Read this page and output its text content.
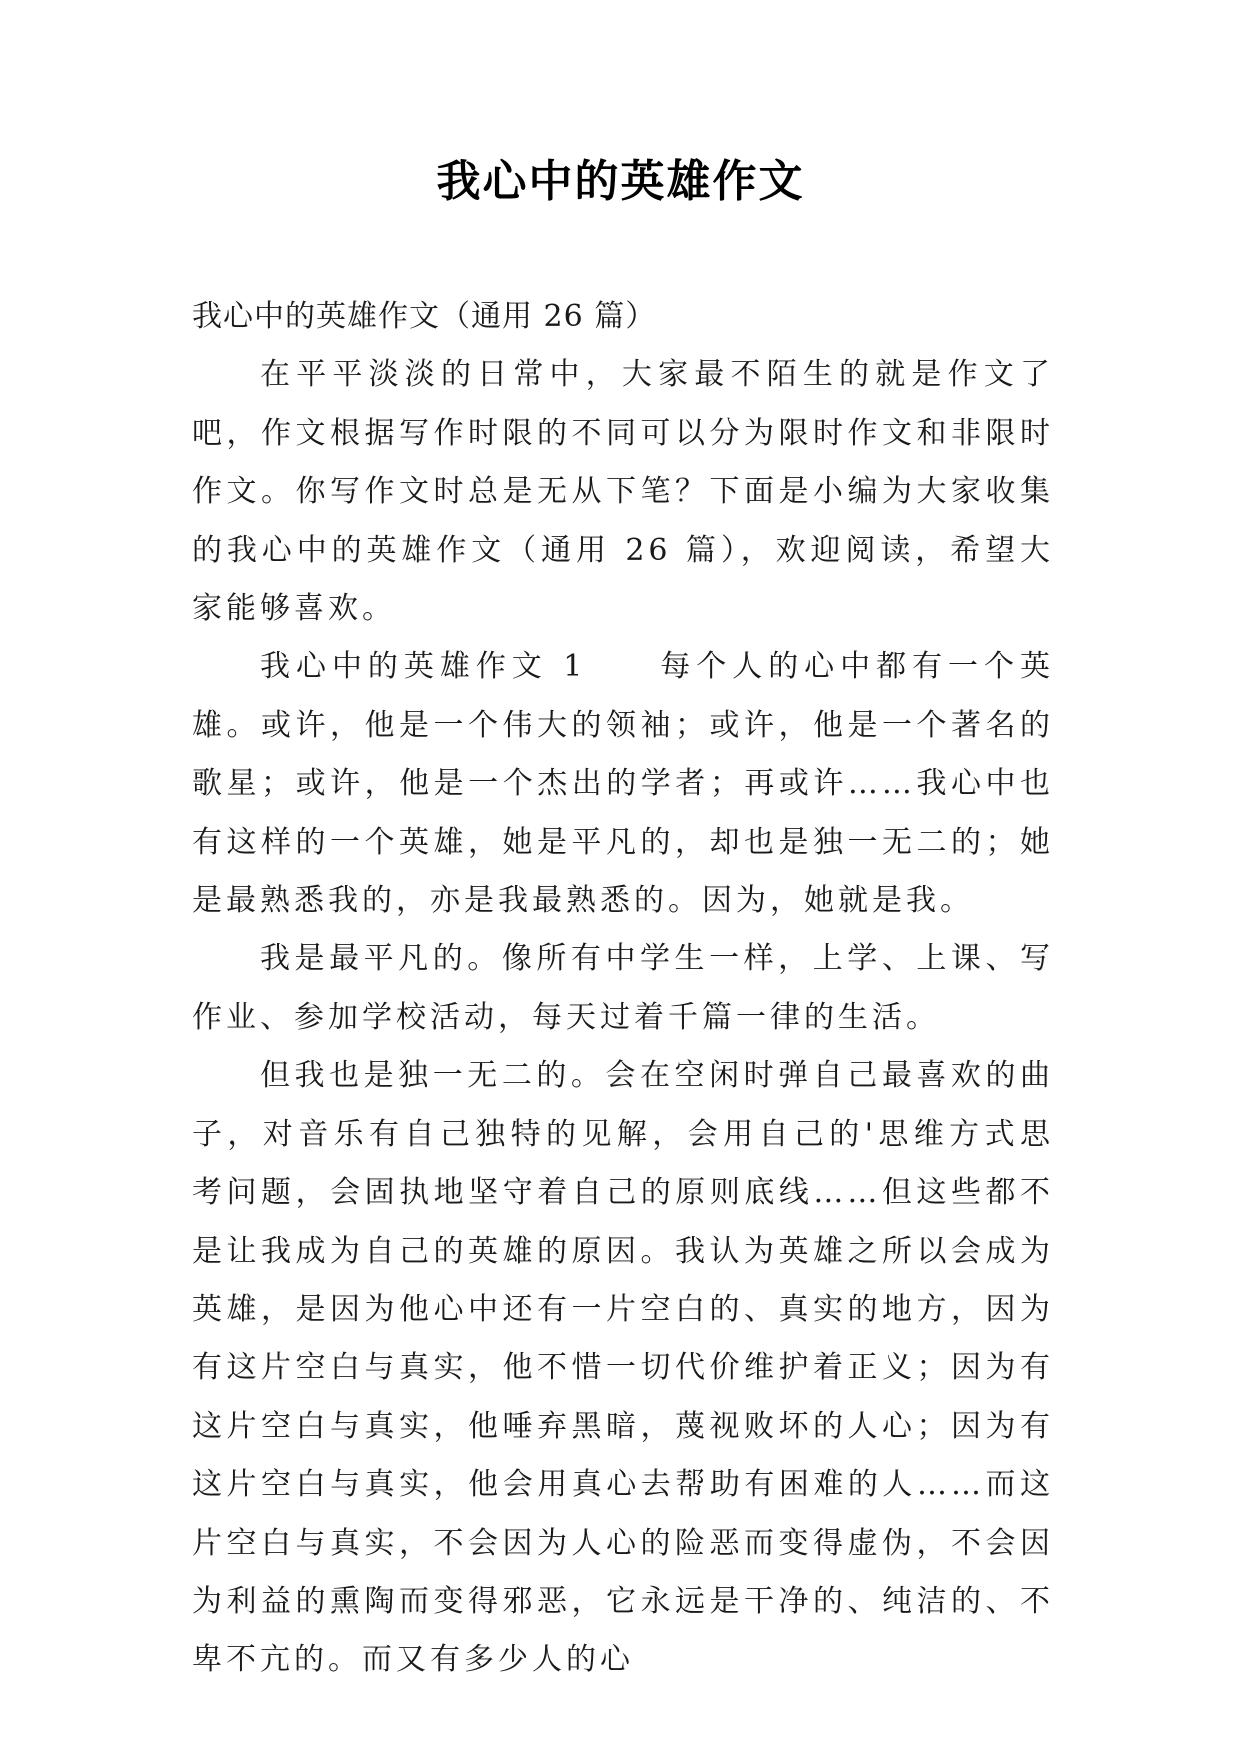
我心中的英雄作文

我心中的英雄作文（通用 26 篇）

在平平淡淡的日常中，大家最不陌生的就是作文了吧，作文根据写作时限的不同可以分为限时作文和非限时作文。你写作文时总是无从下笔？下面是小编为大家收集的我心中的英雄作文（通用 26 篇），欢迎阅读，希望大家能够喜欢。

我心中的英雄作文 1　　每个人的心中都有一个英雄。或许，他是一个伟大的领袖；或许，他是一个著名的歌星；或许，他是一个杰出的学者；再或许……我心中也有这样的一个英雄，她是平凡的，却也是独一无二的；她是最熟悉我的，亦是我最熟悉的。因为，她就是我。

我是最平凡的。像所有中学生一样，上学、上课、写作业、参加学校活动，每天过着千篇一律的生活。

但我也是独一无二的。会在空闲时弹自己最喜欢的曲子，对音乐有自己独特的见解，会用自己的'思维方式思考问题，会固执地坚守着自己的原则底线……但这些都不是让我成为自己的英雄的原因。我认为英雄之所以会成为英雄，是因为他心中还有一片空白的、真实的地方，因为有这片空白与真实，他不惜一切代价维护着正义；因为有这片空白与真实，他唾弃黑暗，蔑视败坏的人心；因为有这片空白与真实，他会用真心去帮助有困难的人……而这片空白与真实，不会因为人心的险恶而变得虚伪，不会因为利益的熏陶而变得邪恶，它永远是干净的、纯洁的、不卑不亢的。而又有多少人的心
